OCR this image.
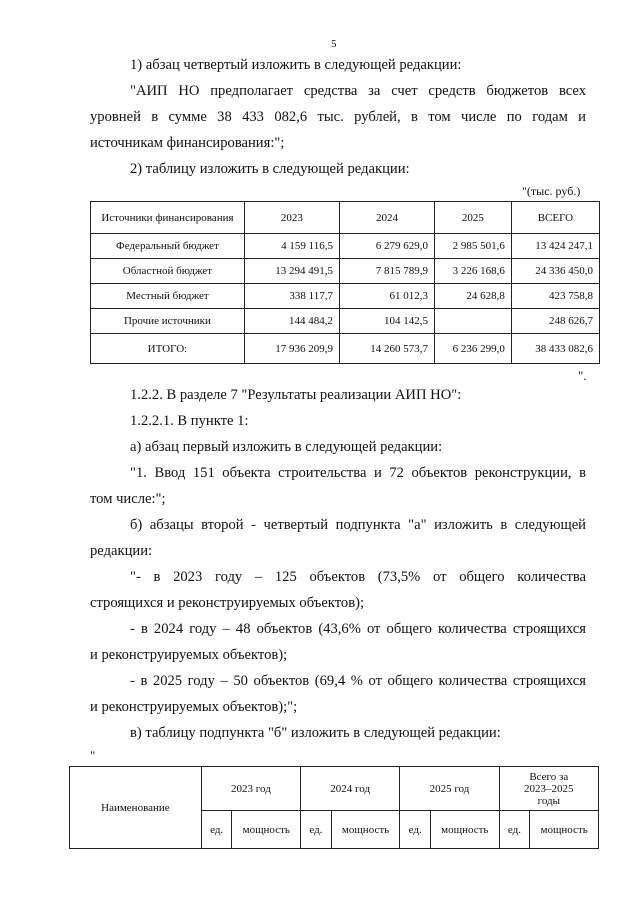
5
1) абзац четвертый изложить в следующей редакции:
"АИП НО предполагает средства за счет средств бюджетов всех
уровней в сумме 38 433 082,6 тыс. рублей, в том числе по годам и
источникам финансирования:";
2) таблицу изложить в следующей редакции:
"(тыс. руб.)
Источники финансирования	2023	2024	2025	ВСЕГО
Федеральный бюджет	4 159 116,5	6 279 629,0	2 985 501,6	13 424 247,1
Областной бюджет	13 294 491,5	7 815 789,9	3 226 168,6	24 336 450,0
Местный бюджет	338 117,7	61 012,3	24 628,8	423 758,8
Прочие источники	144 484,2	104 142,5		248 626,7
ИТОГО:	17 936 209,9	14 260 573,7	6 236 299,0	38 433 082,6
".
1.2.2. В разделе 7 "Результаты реализации АИП НО":
1.2.2.1. В пункте 1:
а) абзац первый изложить в следующей редакции:
"1. Ввод 151 объекта строительства и 72 объектов реконструкции, в
том числе:";
б) абзацы второй - четвертый подпункта "а" изложить в следующей
редакции:
"- в 2023 году – 125 объектов (73,5% от общего количества
строящихся и реконструируемых объектов);
- в 2024 году – 48 объектов (43,6% от общего количества строящихся
и реконструируемых объектов);
- в 2025 году – 50 объектов (69,4 % от общего количества строящихся
и реконструируемых объектов);";
в) таблицу подпункта "б" изложить в следующей редакции:
"
Наименование	2023 год		2024 год		2025 год		Всего за 2023–2025 годы	
	ед.	мощность	ед.	мощность	ед.	мощность	ед.	мощность
